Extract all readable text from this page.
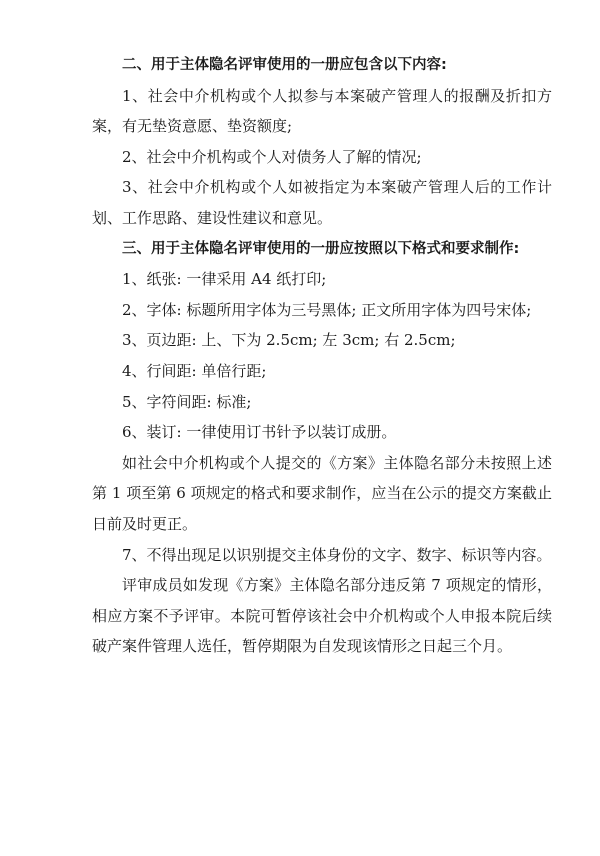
二、用于主体隐名评审使用的一册应包含以下内容:
1、社会中介机构或个人拟参与本案破产管理人的报酬及折扣方
案，有无垫资意愿、垫资额度;
2、社会中介机构或个人对债务人了解的情况;
3、社会中介机构或个人如被指定为本案破产管理人后的工作计
划、工作思路、建设性建议和意见。
三、用于主体隐名评审使用的一册应按照以下格式和要求制作:
1、纸张: 一律采用 A4 纸打印;
2、字体: 标题所用字体为三号黑体; 正文所用字体为四号宋体;
3、页边距: 上、下为 2.5cm; 左 3cm; 右 2.5cm;
4、行间距: 单倍行距;
5、字符间距: 标准;
6、装订: 一律使用订书针予以装订成册。
如社会中介机构或个人提交的《方案》主体隐名部分未按照上述
第 1 项至第 6 项规定的格式和要求制作，应当在公示的提交方案截止
日前及时更正。
7、不得出现足以识别提交主体身份的文字、数字、标识等内容。
评审成员如发现《方案》主体隐名部分违反第 7 项规定的情形，
相应方案不予评审。本院可暂停该社会中介机构或个人申报本院后续
破产案件管理人选任，暂停期限为自发现该情形之日起三个月。
